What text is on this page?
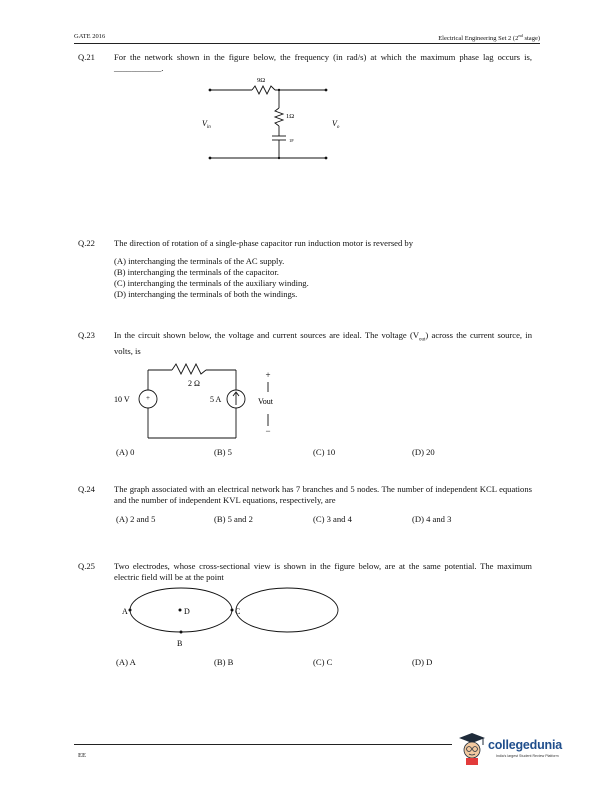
GATE 2016	Electrical Engineering Set 2 (2nd stage)
Q.21 For the network shown in the figure below, the frequency (in rad/s) at which the maximum phase lag occurs is, ___________.
9Ω
1Ω
1F
$V_{in}$	$V_o$
Q.22 The direction of rotation of a single-phase capacitor run induction motor is reversed by
(A) interchanging the terminals of the AC supply.
(B) interchanging the terminals of the capacitor.
(C) interchanging the terminals of the auxiliary winding.
(D) interchanging the terminals of both the windings.
Q.23 In the circuit shown below, the voltage and current sources are ideal. The voltage $(V_{out})$ across the current source, in volts, is
+
10 V
2 Ω
5 A
+
Vout
−
(A) 0	(B) 5	(C) 10	(D) 20
Q.24 The graph associated with an electrical network has 7 branches and 5 nodes. The number of independent KCL equations and the number of independent KVL equations, respectively, are
(A) 2 and 5	(B) 5 and 2	(C) 3 and 4	(D) 4 and 3
Q.25 Two electrodes, whose cross-sectional view is shown in the figure below, are at the same potential. The maximum electric field will be at the point
A	D	C
B
(A) A	(B) B	(C) C	(D) D
EE
collegedunia
India's largest Student Review Platform
